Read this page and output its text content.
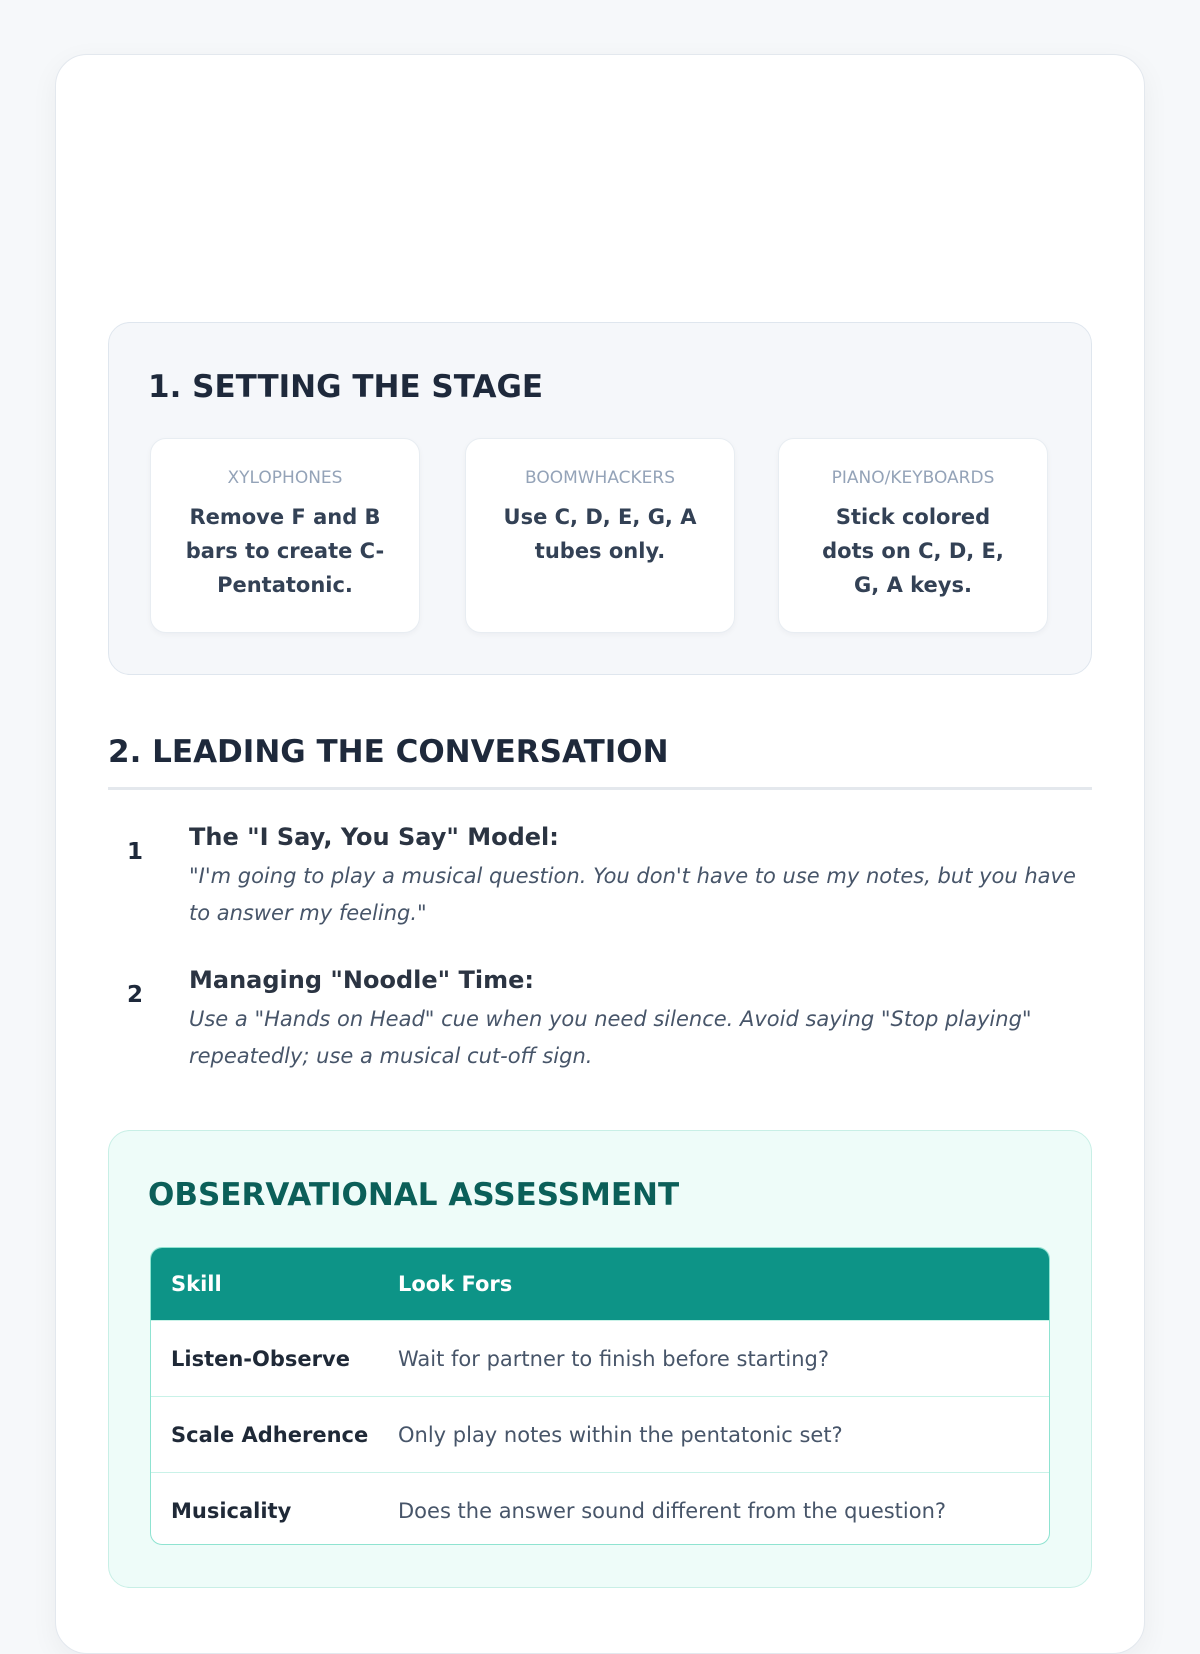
1. SETTING THE STAGE
XYLOPHONES
Remove F and B bars to create C-Pentatonic.
BOOMWHACKERS
Use C, D, E, G, A tubes only.
PIANO/KEYBOARDS
Stick colored dots on C, D, E, G, A keys.
2. LEADING THE CONVERSATION
1
The "I Say, You Say" Model:
"I'm going to play a musical question. You don't have to use my notes, but you have to answer my feeling."
2
Managing "Noodle" Time:
Use a "Hands on Head" cue when you need silence. Avoid saying "Stop playing" repeatedly; use a musical cut-off sign.
OBSERVATIONAL ASSESSMENT
Skill	Look Fors
Listen-Observe	Wait for partner to finish before starting?
Scale Adherence	Only play notes within the pentatonic set?
Musicality	Does the answer sound different from the question?
